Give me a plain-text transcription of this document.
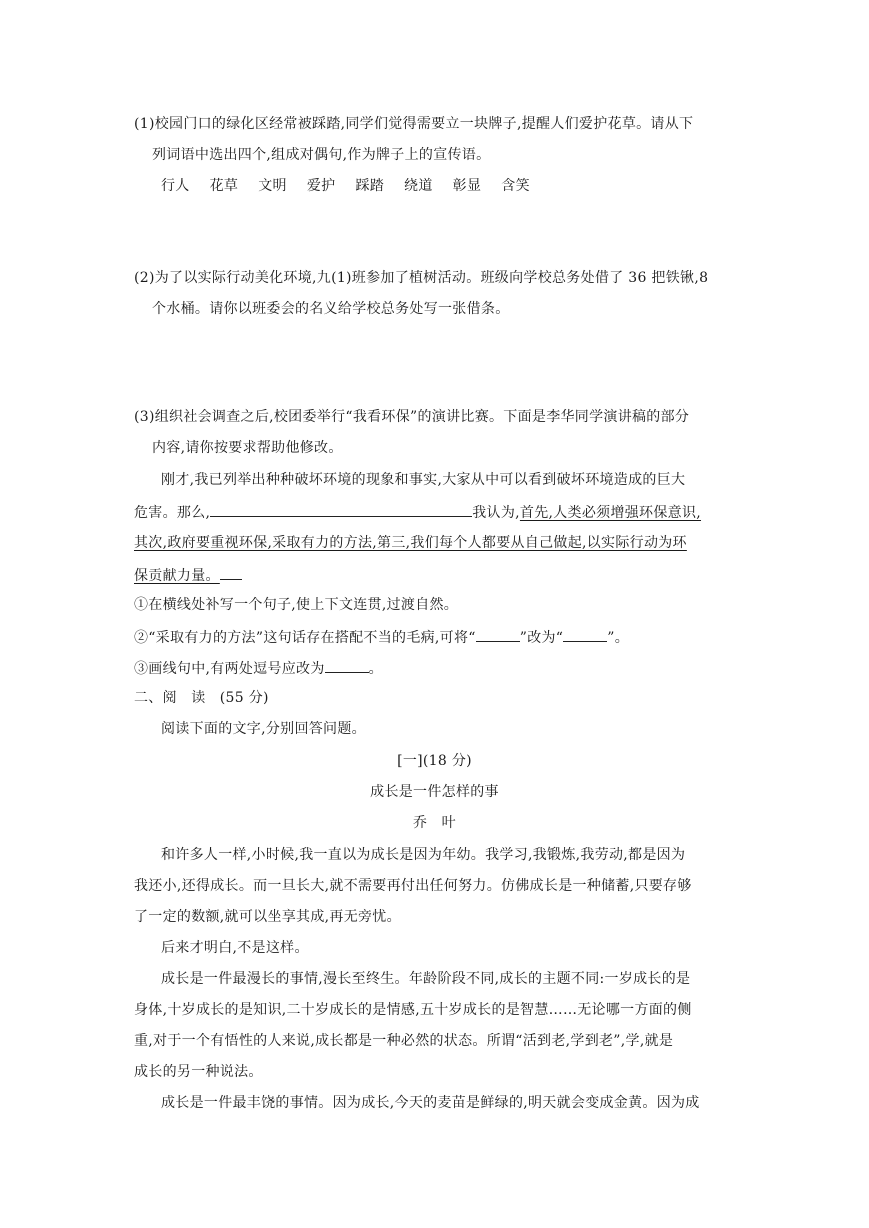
(1)校园门口的绿化区经常被踩踏,同学们觉得需要立一块牌子,提醒人们爱护花草。请从下
列词语中选出四个,组成对偶句,作为牌子上的宣传语。
行人 花草 文明 爱护 踩踏 绕道 彰显 含笑
(2)为了以实际行动美化环境,九(1)班参加了植树活动。班级向学校总务处借了 36 把铁锹,8
个水桶。请你以班委会的名义给学校总务处写一张借条。
(3)组织社会调查之后,校团委举行“我看环保”的演讲比赛。下面是李华同学演讲稿的部分
内容,请你按要求帮助他修改。
刚才,我已列举出种种破坏环境的现象和事实,大家从中可以看到破坏环境造成的巨大
危害。那么,	我认为,首先,人类必须增强环保意识,
其次,政府要重视环保,采取有力的方法,第三,我们每个人都要从自己做起,以实际行动为环
保贡献力量。
①在横线处补写一个句子,使上下文连贯,过渡自然。
②“采取有力的方法”这句话存在搭配不当的毛病,可将“	”改为“	”。
③画线句中,有两处逗号应改为	。
二、阅　读　(55 分)
阅读下面的文字,分别回答问题。
[一](18 分)
成长是一件怎样的事
乔　叶
和许多人一样,小时候,我一直以为成长是因为年幼。我学习,我锻炼,我劳动,都是因为
我还小,还得成长。而一旦长大,就不需要再付出任何努力。仿佛成长是一种储蓄,只要存够
了一定的数额,就可以坐享其成,再无旁忧。
后来才明白,不是这样。
成长是一件最漫长的事情,漫长至终生。年龄阶段不同,成长的主题不同:一岁成长的是
身体,十岁成长的是知识,二十岁成长的是情感,五十岁成长的是智慧……无论哪一方面的侧
重,对于一个有悟性的人来说,成长都是一种必然的状态。所谓“活到老,学到老”,学,就是
成长的另一种说法。
成长是一件最丰饶的事情。因为成长,今天的麦苗是鲜绿的,明天就会变成金黄。因为成
